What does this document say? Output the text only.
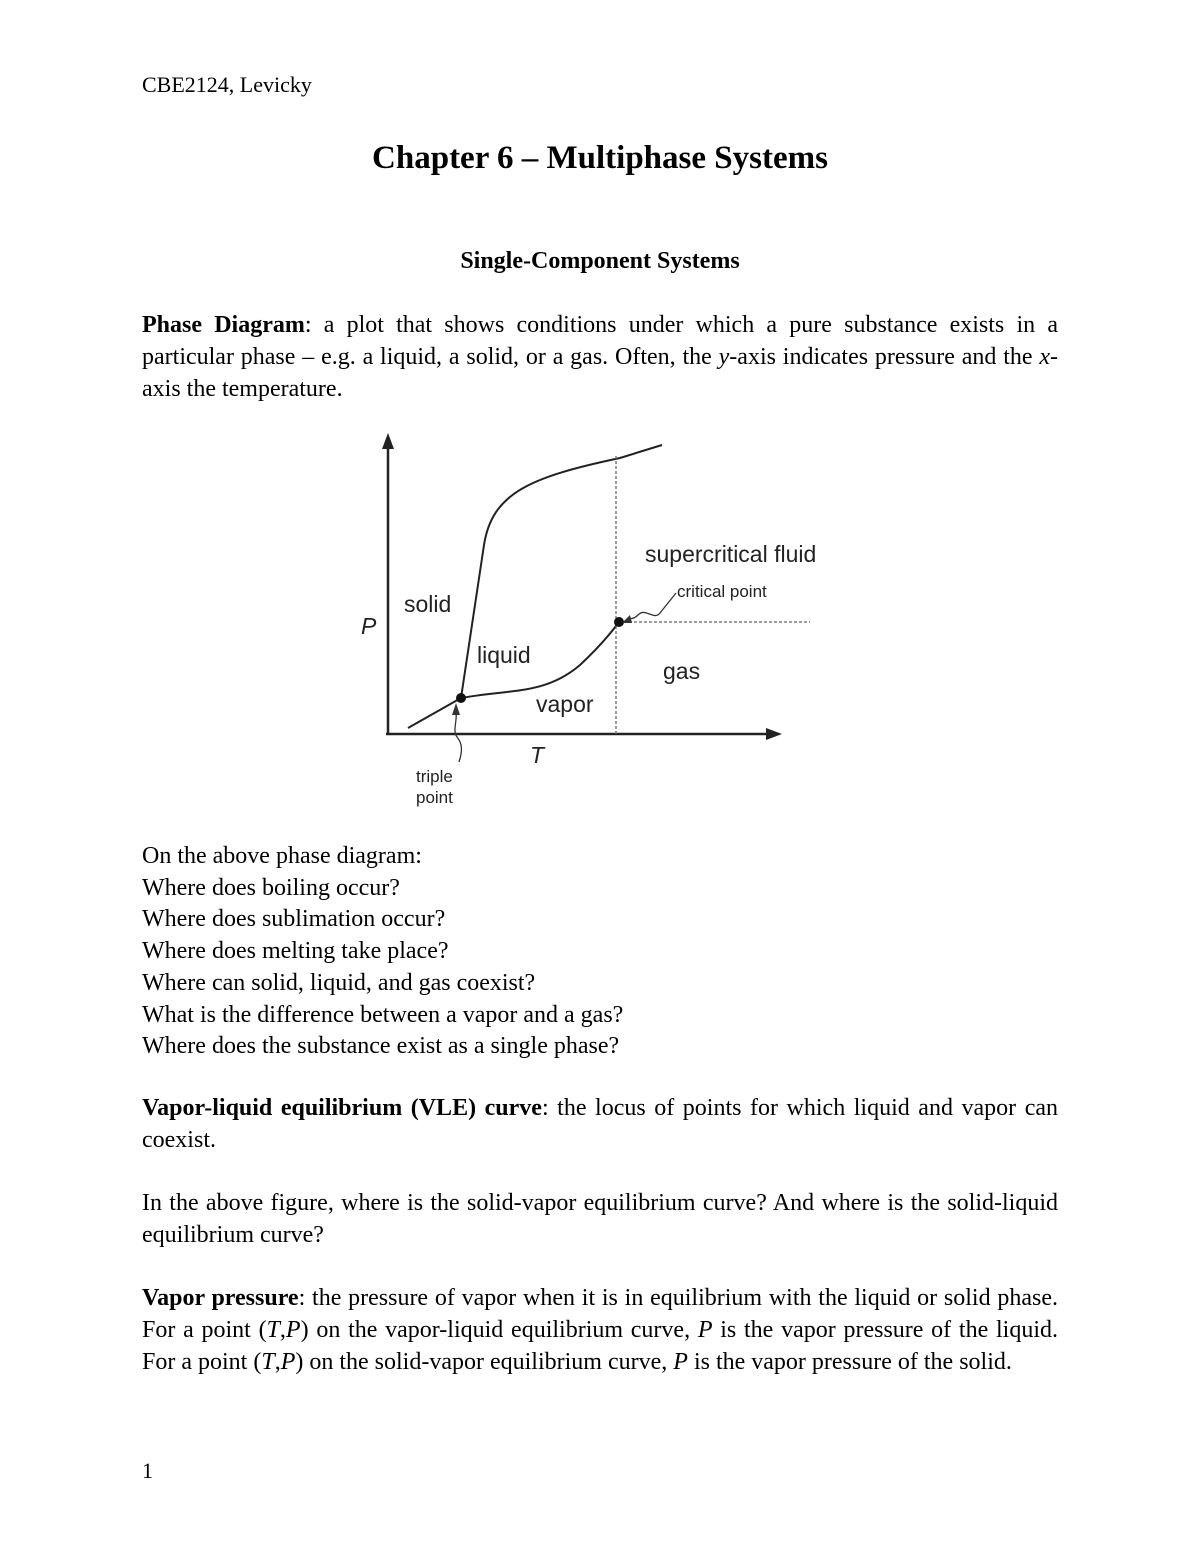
CBE2124, Levicky
Chapter 6 – Multiphase Systems
Single-Component Systems
Phase Diagram: a plot that shows conditions under which a pure substance exists in a particular phase – e.g. a liquid, a solid, or a gas. Often, the y-axis indicates pressure and the x-axis the temperature.
P
T
solid
liquid
vapor
gas
supercritical fluid
critical point
triple
point
On the above phase diagram:
Where does boiling occur?
Where does sublimation occur?
Where does melting take place?
Where can solid, liquid, and gas coexist?
What is the difference between a vapor and a gas?
Where does the substance exist as a single phase?
Vapor-liquid equilibrium (VLE) curve: the locus of points for which liquid and vapor can coexist.
In the above figure, where is the solid-vapor equilibrium curve? And where is the solid-liquid equilibrium curve?
Vapor pressure: the pressure of vapor when it is in equilibrium with the liquid or solid phase. For a point (T,P) on the vapor-liquid equilibrium curve, P is the vapor pressure of the liquid. For a point (T,P) on the solid-vapor equilibrium curve, P is the vapor pressure of the solid.
1
